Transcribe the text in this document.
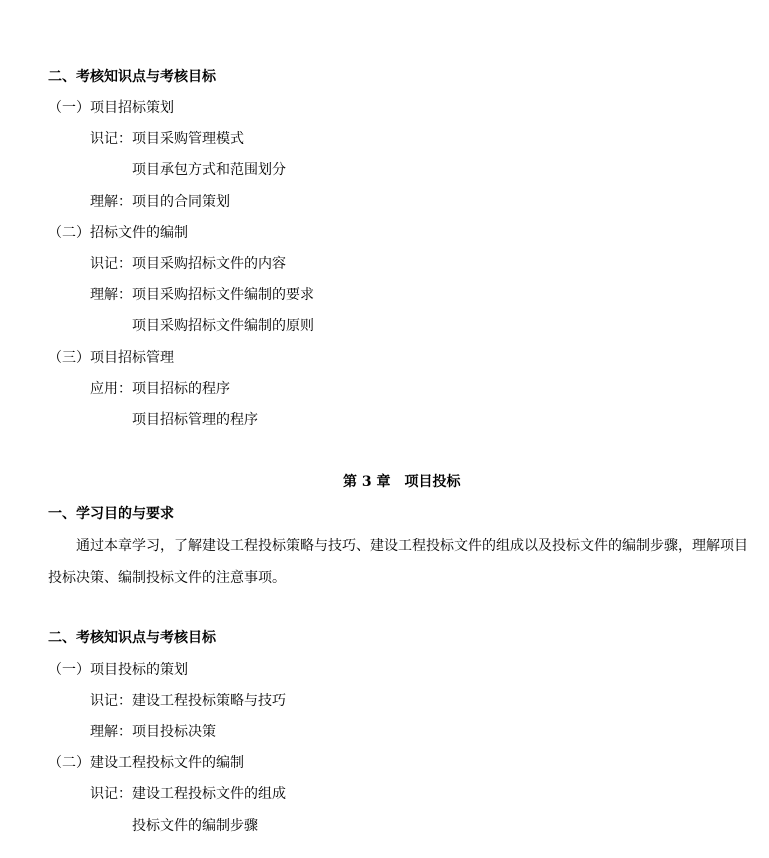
二、考核知识点与考核目标
（一）项目招标策划
识记：项目采购管理模式
项目承包方式和范围划分
理解：项目的合同策划
（二）招标文件的编制
识记：项目采购招标文件的内容
理解：项目采购招标文件编制的要求
项目采购招标文件编制的原则
（三）项目招标管理
应用：项目招标的程序
项目招标管理的程序
第 3 章　项目投标
一、学习目的与要求
通过本章学习，了解建设工程投标策略与技巧、建设工程投标文件的组成以及投标文件的编制步骤，理解项目投标决策、编制投标文件的注意事项。
二、考核知识点与考核目标
（一）项目投标的策划
识记：建设工程投标策略与技巧
理解：项目投标决策
（二）建设工程投标文件的编制
识记：建设工程投标文件的组成
投标文件的编制步骤
